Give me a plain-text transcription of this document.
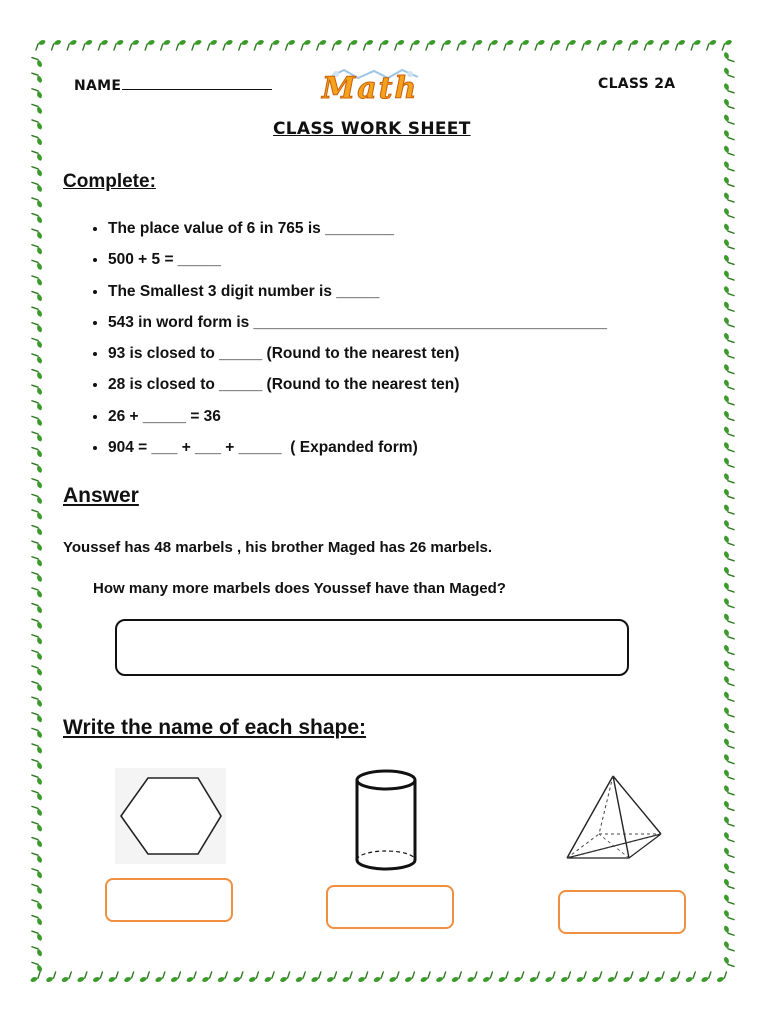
NAME	Math	CLASS 2A
CLASS WORK SHEET
Complete:
• The place value of 6 in 765 is ________
• 500 + 5 = _____
• The Smallest 3 digit number is _____
• 543 in word form is _________________________________________
• 93 is closed to _____ (Round to the nearest ten)
• 28 is closed to _____ (Round to the nearest ten)
• 26 + _____ = 36
• 904 = ___ + ___ + _____  ( Expanded form)
Answer
Youssef has 48 marbels , his brother Maged has 26 marbels.
How many more marbels does Youssef have than Maged?
Write the name of each shape:
